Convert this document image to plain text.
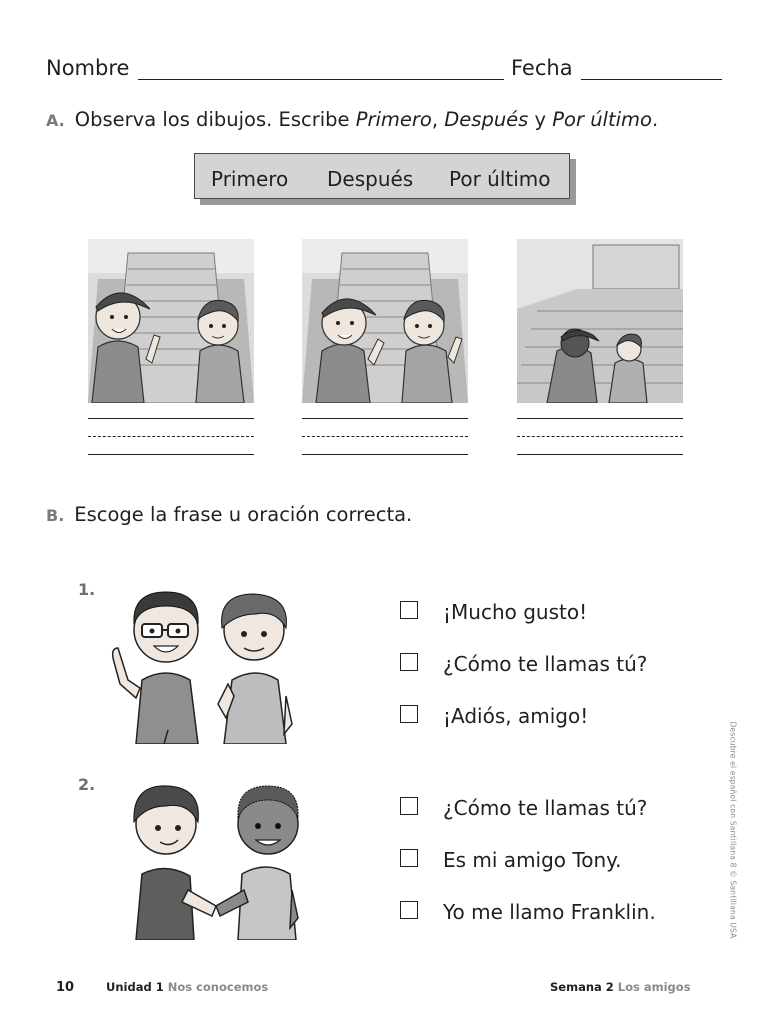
Nombre	Fecha
A. Observa los dibujos. Escribe Primero, Después y Por último.
Primero Después Por último
B. Escoge la frase u oración correcta.
1.
¡Mucho gusto!
¿Cómo te llamas tú?
¡Adiós, amigo!
2.
¿Cómo te llamas tú?
Es mi amigo Tony.
Yo me llamo Franklin.	Descubre el español con Santillana 8 © Santillana USA
10	Unidad 1 Nos conocemos	Semana 2 Los amigos
